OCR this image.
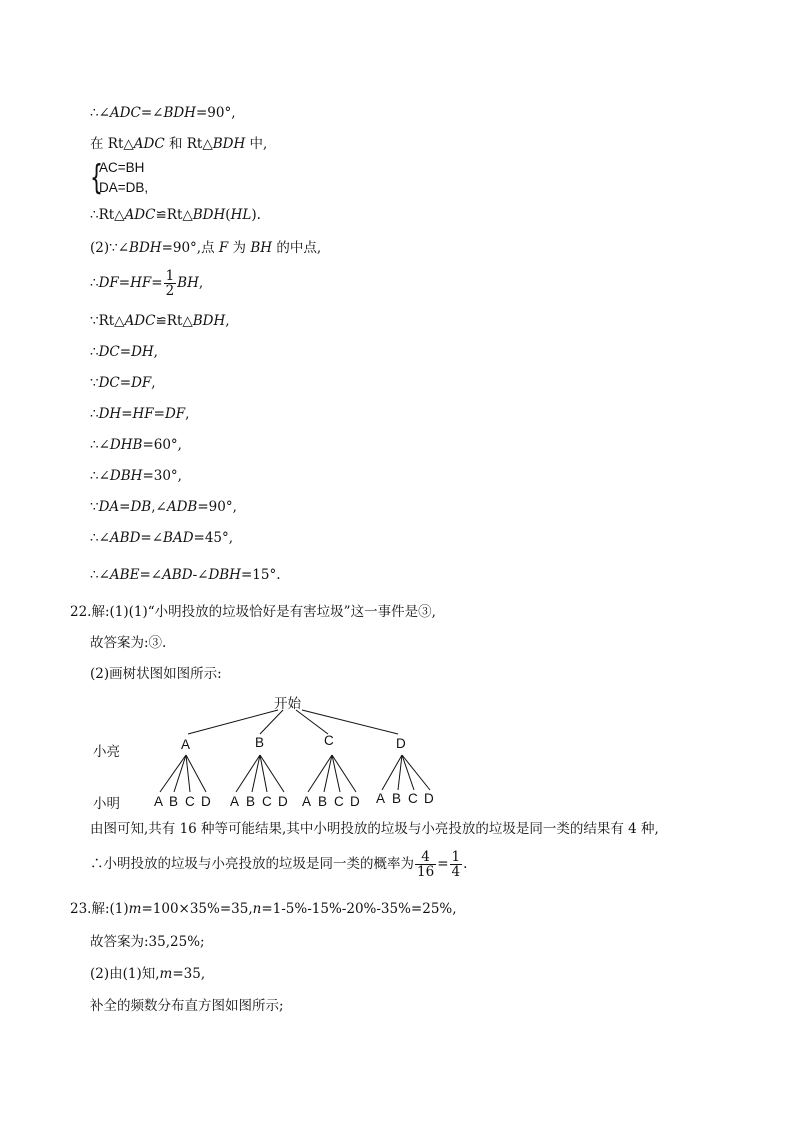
∴∠ADC=∠BDH=90°,
在 Rt△ADC 和 Rt△BDH 中,
{
AC=BH
DA=DB,
∴Rt△ADC≌Rt△BDH(HL).
(2)∵∠BDH=90°,点 F 为 BH 的中点,
∴DF=HF= $\frac{1}{2}$ BH,
∵Rt△ADC≌Rt△BDH,
∴DC=DH,
∵DC=DF,
∴DH=HF=DF,
∴∠DHB=60°,
∴∠DBH=30°,
∵DA=DB,∠ADB=90°,
∴∠ABD=∠BAD=45°,
∴∠ABE=∠ABD-∠DBH=15°.
22.解:(1)(1)“小明投放的垃圾恰好是有害垃圾”这一事件是③,
故答案为:③.
(2)画树状图如图所示:
开始
小亮
小明
A	B	C	D
A B C D A B C D A B C D A B C D
由图可知,共有 16 种等可能结果,其中小明投放的垃圾与小亮投放的垃圾是同一类的结果有 4 种,
∴小明投放的垃圾与小亮投放的垃圾是同一类的概率为 $\frac{4}{16} = \frac{1}{4}$ .
23.解:(1)m=100×35%=35,n=1-5%-15%-20%-35%=25%,
故答案为:35,25%;
(2)由(1)知,m=35,
补全的频数分布直方图如图所示;
